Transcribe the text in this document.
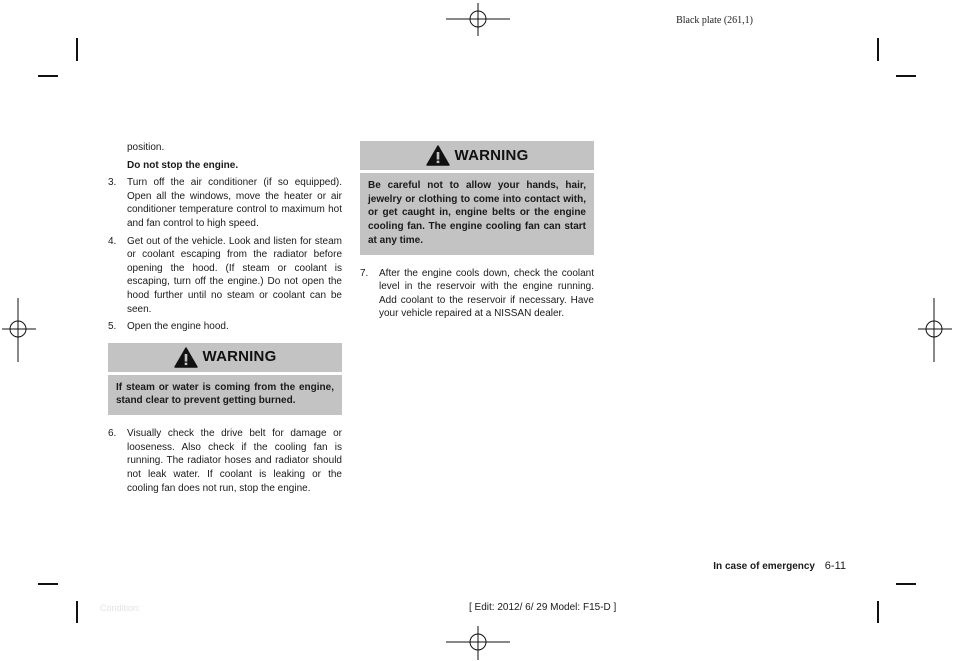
Black plate (261,1)

position.

Do not stop the engine.

3.	Turn off the air conditioner (if so equipped). Open all the windows, move the heater or air conditioner temperature control to maximum hot and fan control to high speed.
4.	Get out of the vehicle. Look and listen for steam or coolant escaping from the radiator before opening the hood. (If steam or coolant is escaping, turn off the engine.) Do not open the hood further until no steam or coolant can be seen.
5.	Open the engine hood.
WARNING
If steam or water is coming from the engine, stand clear to prevent getting burned.
6.	Visually check the drive belt for damage or looseness. Also check if the cooling fan is running. The radiator hoses and radiator should not leak water. If coolant is leaking or the cooling fan does not run, stop the engine.
WARNING
Be careful not to allow your hands, hair, jewelry or clothing to come into contact with, or get caught in, engine belts or the engine cooling fan. The engine cooling fan can start at any time.
7.	After the engine cools down, check the coolant level in the reservoir with the engine running. Add coolant to the reservoir if necessary. Have your vehicle repaired at a NISSAN dealer.
In case of emergency 6-11
Condition:	[ Edit: 2012/ 6/ 29 Model: F15-D ]
